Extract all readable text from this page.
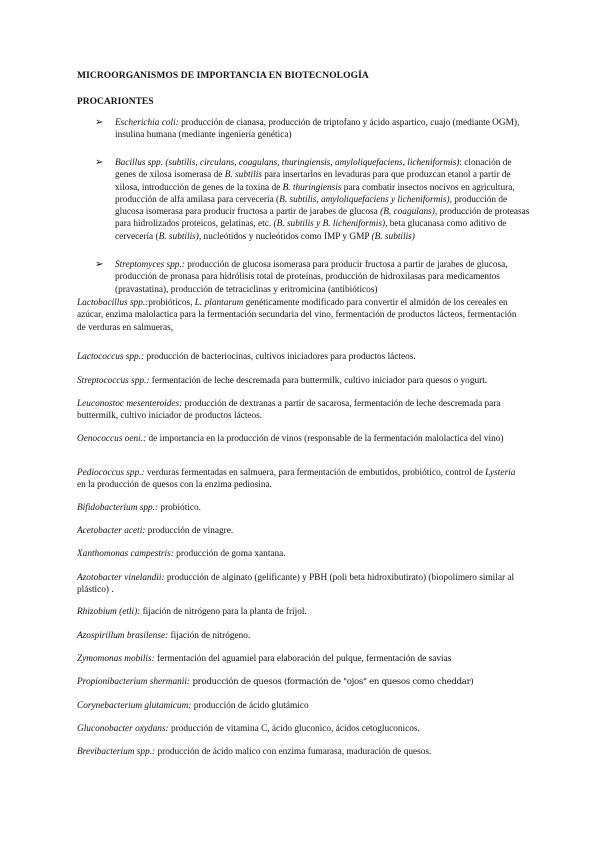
MICROORGANISMOS DE IMPORTANCIA EN BIOTECNOLOGÍA
PROCARIONTES
➢ Escherichia coli: producción de cianasa, producción de triptofano y ácido aspartico, cuajo (mediante OGM), insulina humana (mediante ingeniería genética)
➢ Bacillus spp. (subtilis, circulans, coagulans, thuringiensis, amyloliquefaciens, licheniformis): clonación de genes de xilosa isomerasa de B. subtilis para insertarlos en levaduras para que produzcan etanol a partir de xilosa, introducción de genes de la toxina de B. thuringiensis para combatir insectos nocivos en agricultura, producción de alfa amilasa para cervecería (B. subtilis, amyloliquefaciens y licheniformis), producción de glucosa isomerasa para producir fructosa a partir de jarabes de glucosa (B. coagulans), producción de proteasas para hidrolizados proteicos, gelatinas, etc. (B. subtilis y B. licheniformis), beta glucanasa como aditivo de cervecería (B. subtilis), nucleótidos y nucleótidos como IMP y GMP (B. subtilis)
➢ Streptomyces spp.: producción de glucosa isomerasa para producir fructosa a partir de jarabes de glucosa, producción de pronasa para hidrólisis total de proteínas, producción de hidroxilasas para medicamentos (pravastatina), producción de tetraciclinas y eritromicina (antibióticos)
Lactobacillus spp.:probióticos, L. plantarum genéticamente modificado para convertir el almidón de los cereales en azúcar, enzima malolactica para la fermentación secundaria del vino, fermentación de productos lácteos, fermentación de verduras en salmueras,
Lactococcus spp.: producción de bacteriocinas, cultivos iniciadores para productos lácteos.
Streptococcus spp.: fermentación de leche descremada para buttermilk, cultivo iniciador para quesos o yogurt.
Leuconostoc mesenteroides: producción de dextranas a partir de sacarosa, fermentación de leche descremada para buttermilk, cultivo iniciador de productos lácteos.
Oenococcus oeni.: de importancia en la producción de vinos (responsable de la fermentación malolactica del vino)
Pediococcus spp.: verduras fermentadas en salmuera, para fermentación de embutidos, probiótico, control de Lysteria en la producción de quesos con la enzima pediosina.
Bifidobacterium spp.: probiótico.
Acetobacter aceti: producción de vinagre.
Xanthomonas campestris: producción de goma xantana.
Azotobacter vinelandii: producción de alginato (gelificante) y PBH (poli beta hidroxibutirato) (biopolímero similar al plástico) .
Rhizobium (etli): fijación de nitrógeno para la planta de frijol.
Azospirillum brasilense: fijación de nitrógeno.
Zymomonas mobilis: fermentación del aguamiel para elaboración del pulque, fermentación de savias
Propionibacterium shermanii: producción de quesos (formación de "ojos" en quesos como cheddar)
Corynebacterium glutamicum: producción de ácido glutámico
Gluconobacter oxydans: producción de vitamina C, ácido gluconico, ácidos cetogluconicos.
Brevibacterium spp.: producción de ácido malico con enzima fumarasa, maduración de quesos.
